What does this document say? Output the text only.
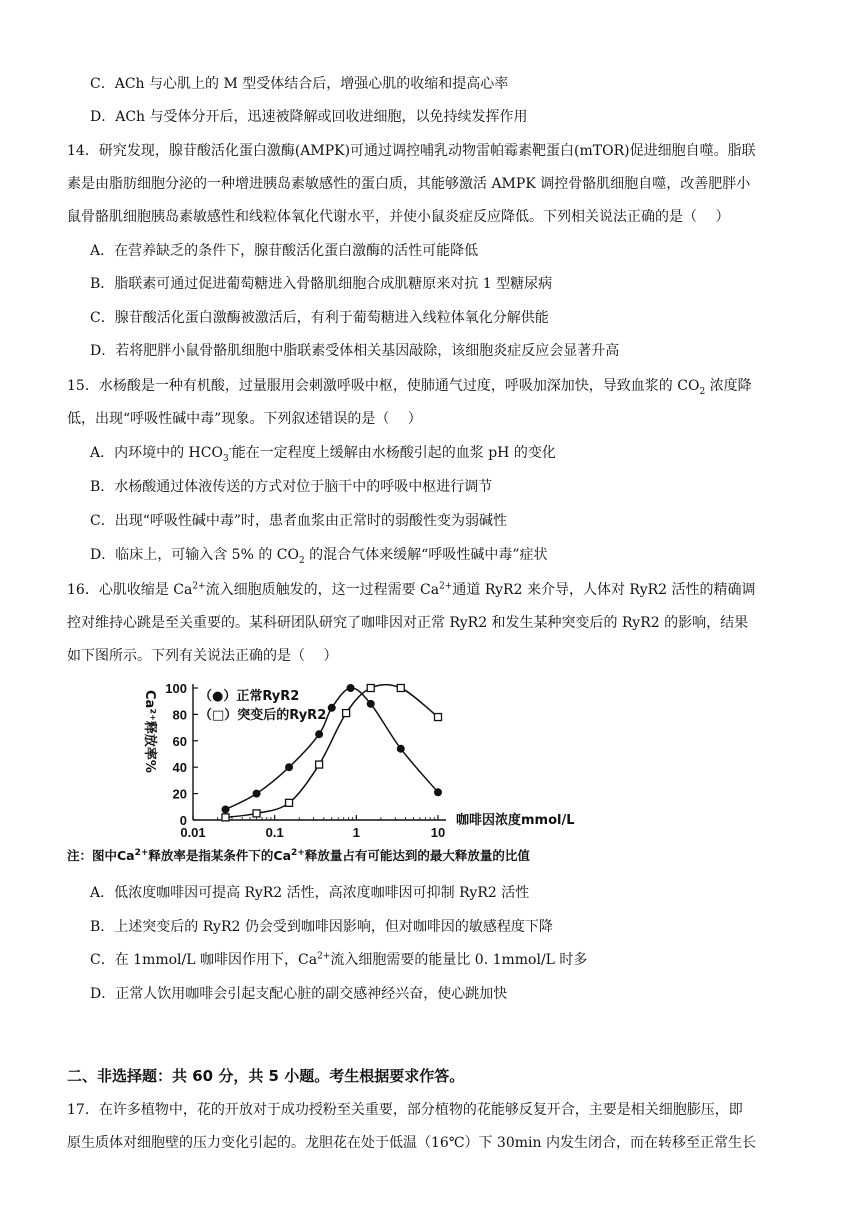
C．ACh 与心肌上的 M 型受体结合后，增强心肌的收缩和提高心率
D．ACh 与受体分开后，迅速被降解或回收进细胞，以免持续发挥作用
14．研究发现，腺苷酸活化蛋白激酶(AMPK)可通过调控哺乳动物雷帕霉素靶蛋白(mTOR)促进细胞自噬。脂联
素是由脂肪细胞分泌的一种增进胰岛素敏感性的蛋白质，其能够激活 AMPK 调控骨骼肌细胞自噬，改善肥胖小
鼠骨骼肌细胞胰岛素敏感性和线粒体氧化代谢水平，并使小鼠炎症反应降低。下列相关说法正确的是（　 ）
A．在营养缺乏的条件下，腺苷酸活化蛋白激酶的活性可能降低
B．脂联素可通过促进葡萄糖进入骨骼肌细胞合成肌糖原来对抗 1 型糖尿病
C．腺苷酸活化蛋白激酶被激活后，有利于葡萄糖进入线粒体氧化分解供能
D．若将肥胖小鼠骨骼肌细胞中脂联素受体相关基因敲除，该细胞炎症反应会显著升高
15．水杨酸是一种有机酸，过量服用会刺激呼吸中枢，使肺通气过度，呼吸加深加快，导致血浆的 $CO_2$ 浓度降
低，出现“呼吸性碱中毒”现象。下列叙述错误的是（　 ）
A．内环境中的 $HCO_3^-$能在一定程度上缓解由水杨酸引起的血浆 pH 的变化
B．水杨酸通过体液传送的方式对位于脑干中的呼吸中枢进行调节
C．出现“呼吸性碱中毒”时，患者血浆由正常时的弱酸性变为弱碱性
D．临床上，可输入含 5% 的 $CO_2$ 的混合气体来缓解“呼吸性碱中毒”症状
16．心肌收缩是 $Ca^{2+}$流入细胞质触发的，这一过程需要 $Ca^{2+}$通道 RyR2 来介导，人体对 RyR2 活性的精确调
控对维持心跳是至关重要的。某科研团队研究了咖啡因对正常 RyR2 和发生某种突变后的 RyR2 的影响，结果
如下图所示。下列有关说法正确的是（　 ）
0
20
40
60
80
100
0.01	0.1	1	10
Ca²⁺释放率%
咖啡因浓度mmol/L
（●）正常RyR2
（□）突变后的RyR2
注：图中$Ca^{2+}$释放率是指某条件下的$Ca^{2+}$释放量占有可能达到的最大释放量的比值
A．低浓度咖啡因可提高 RyR2 活性，高浓度咖啡因可抑制 RyR2 活性
B．上述突变后的 RyR2 仍会受到咖啡因影响，但对咖啡因的敏感程度下降
C．在 1mmol/L 咖啡因作用下，$Ca^{2+}$流入细胞需要的能量比 0. 1mmol/L 时多
D．正常人饮用咖啡会引起支配心脏的副交感神经兴奋，使心跳加快
二、非选择题：共 60 分，共 5 小题。考生根据要求作答。
17．在许多植物中，花的开放对于成功授粉至关重要，部分植物的花能够反复开合，主要是相关细胞膨压，即
原生质体对细胞壁的压力变化引起的。龙胆花在处于低温（16℃）下 30min 内发生闭合，而在转移至正常生长
